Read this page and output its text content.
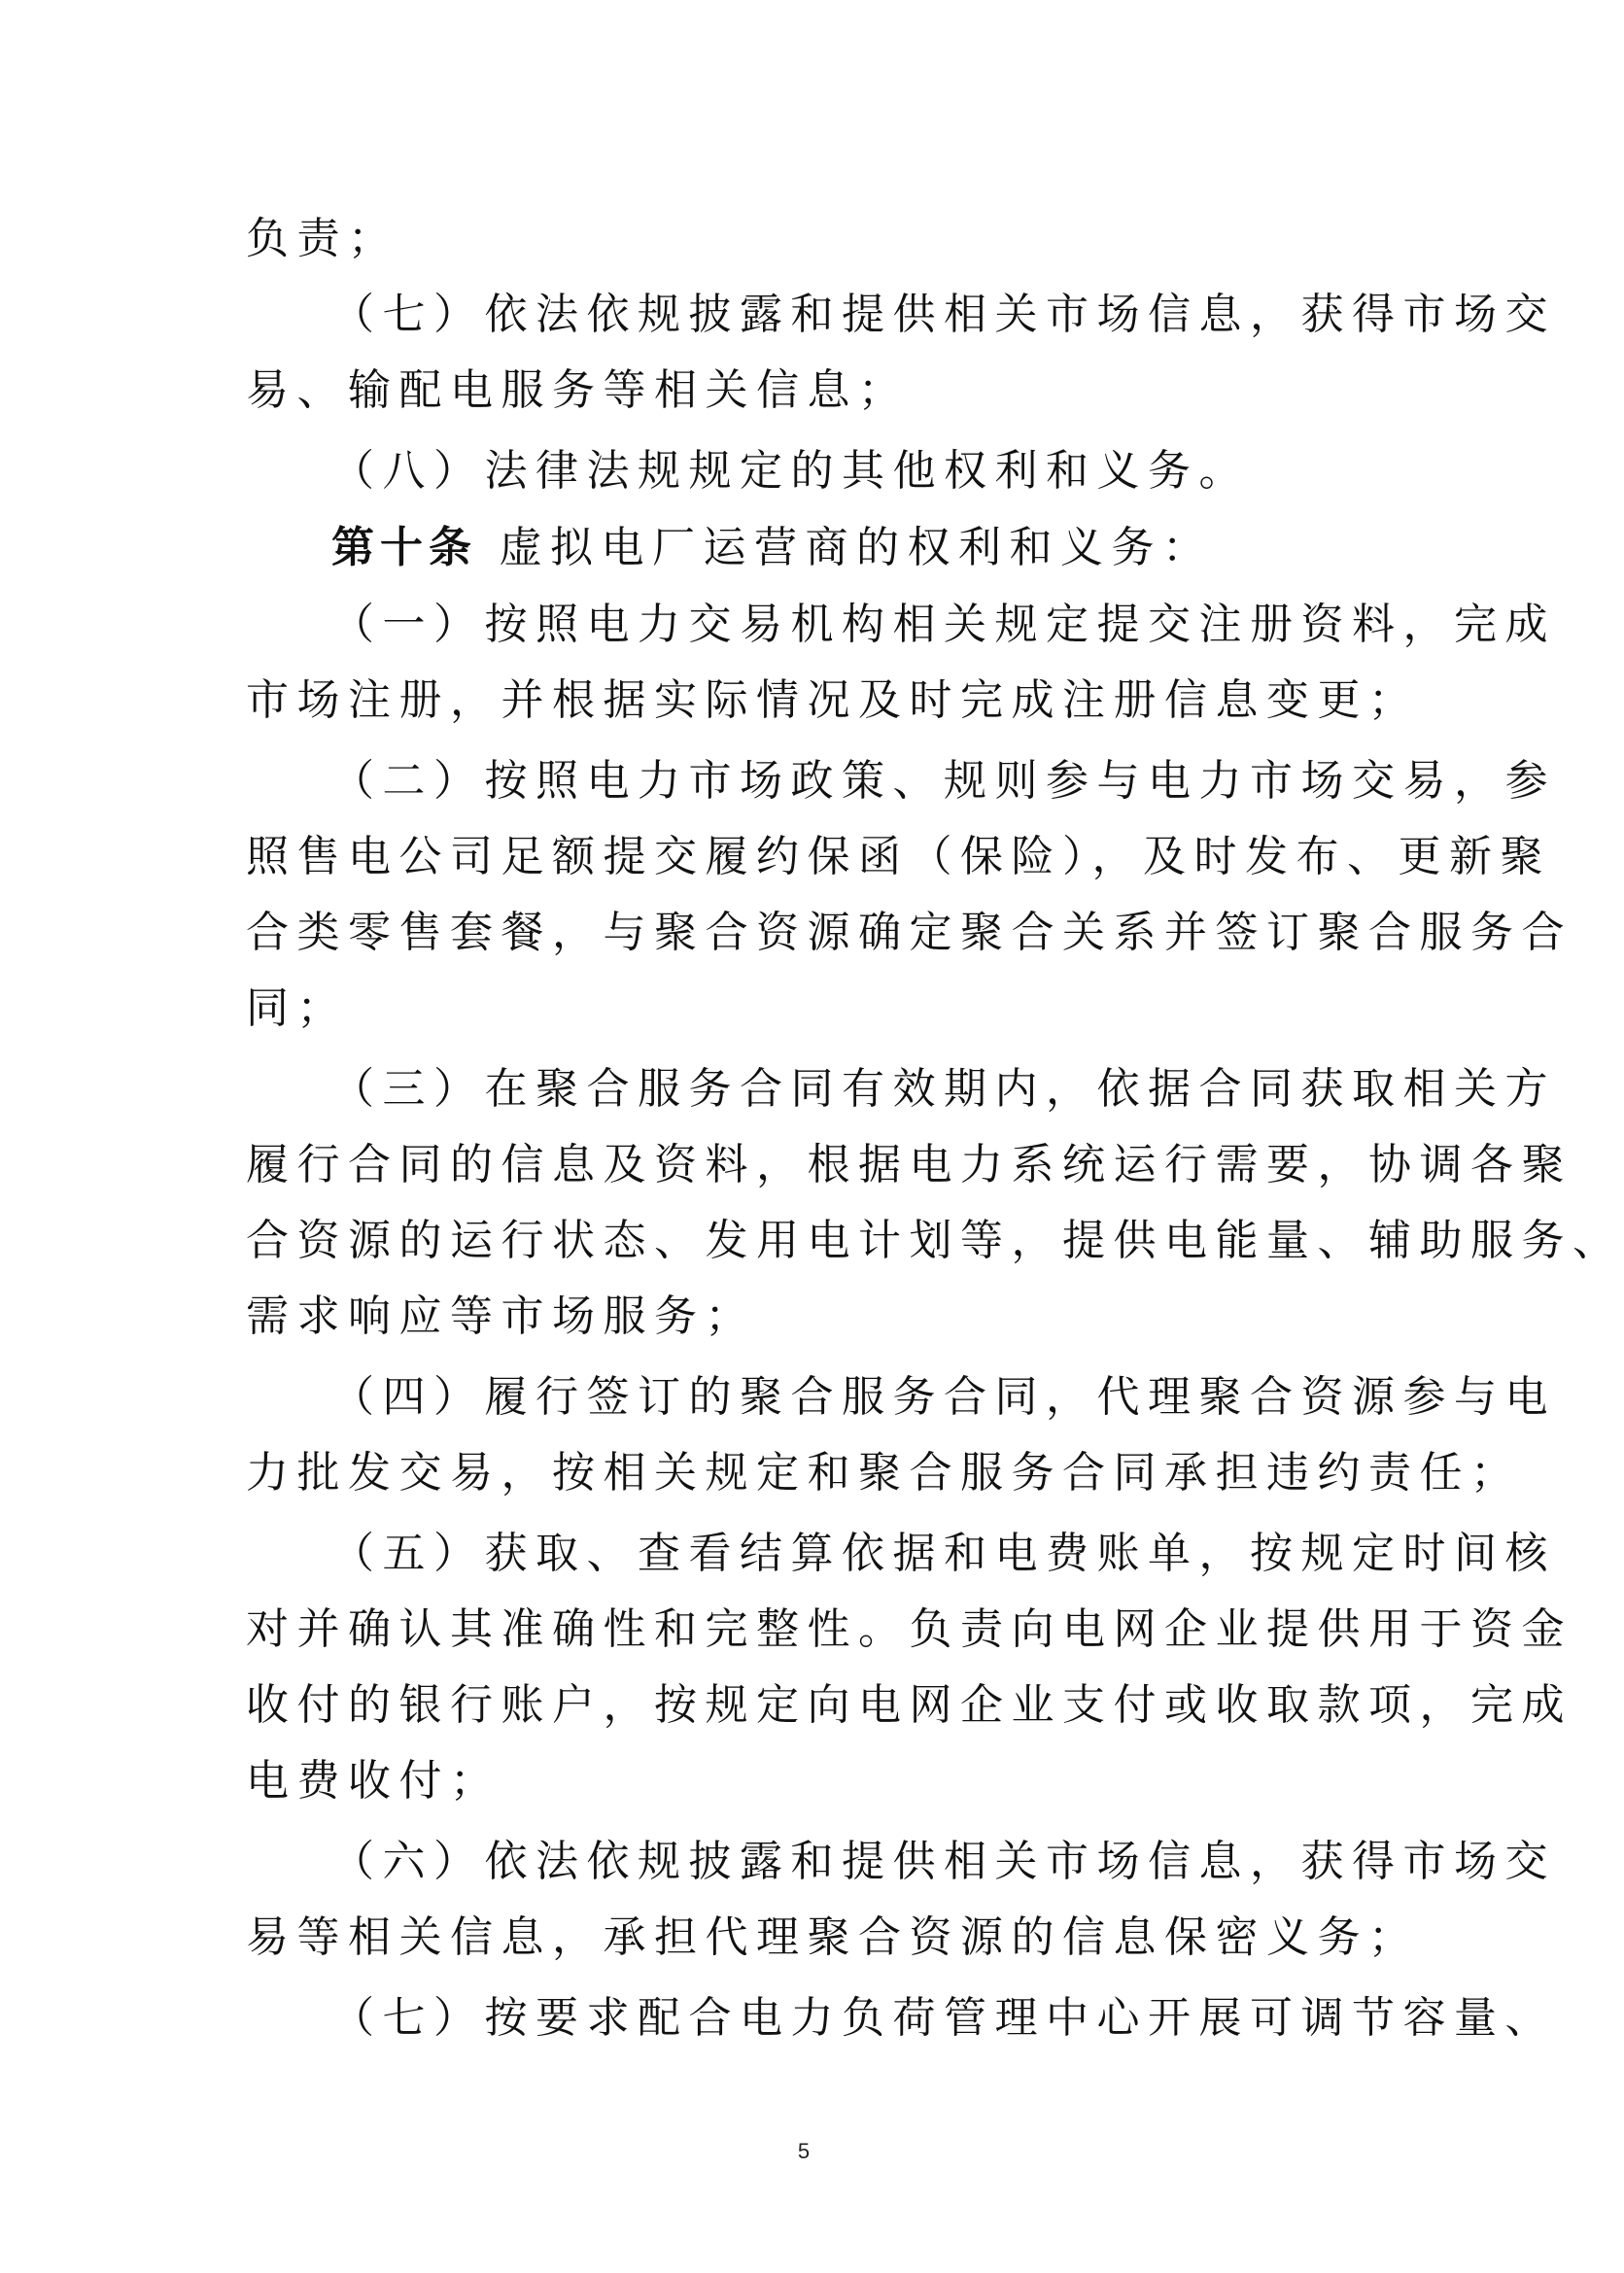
负责；
（七）依法依规披露和提供相关市场信息，获得市场交
易、输配电服务等相关信息；
（八）法律法规规定的其他权利和义务。
第十条 虚拟电厂运营商的权利和义务：
（一）按照电力交易机构相关规定提交注册资料，完成
市场注册，并根据实际情况及时完成注册信息变更；
（二）按照电力市场政策、规则参与电力市场交易，参
照售电公司足额提交履约保函（保险），及时发布、更新聚
合类零售套餐，与聚合资源确定聚合关系并签订聚合服务合
同；
（三）在聚合服务合同有效期内，依据合同获取相关方
履行合同的信息及资料，根据电力系统运行需要，协调各聚
合资源的运行状态、发用电计划等，提供电能量、辅助服务、
需求响应等市场服务；
（四）履行签订的聚合服务合同，代理聚合资源参与电
力批发交易，按相关规定和聚合服务合同承担违约责任；
（五）获取、查看结算依据和电费账单，按规定时间核
对并确认其准确性和完整性。负责向电网企业提供用于资金
收付的银行账户，按规定向电网企业支付或收取款项，完成
电费收付；
（六）依法依规披露和提供相关市场信息，获得市场交
易等相关信息，承担代理聚合资源的信息保密义务；
（七）按要求配合电力负荷管理中心开展可调节容量、
5
